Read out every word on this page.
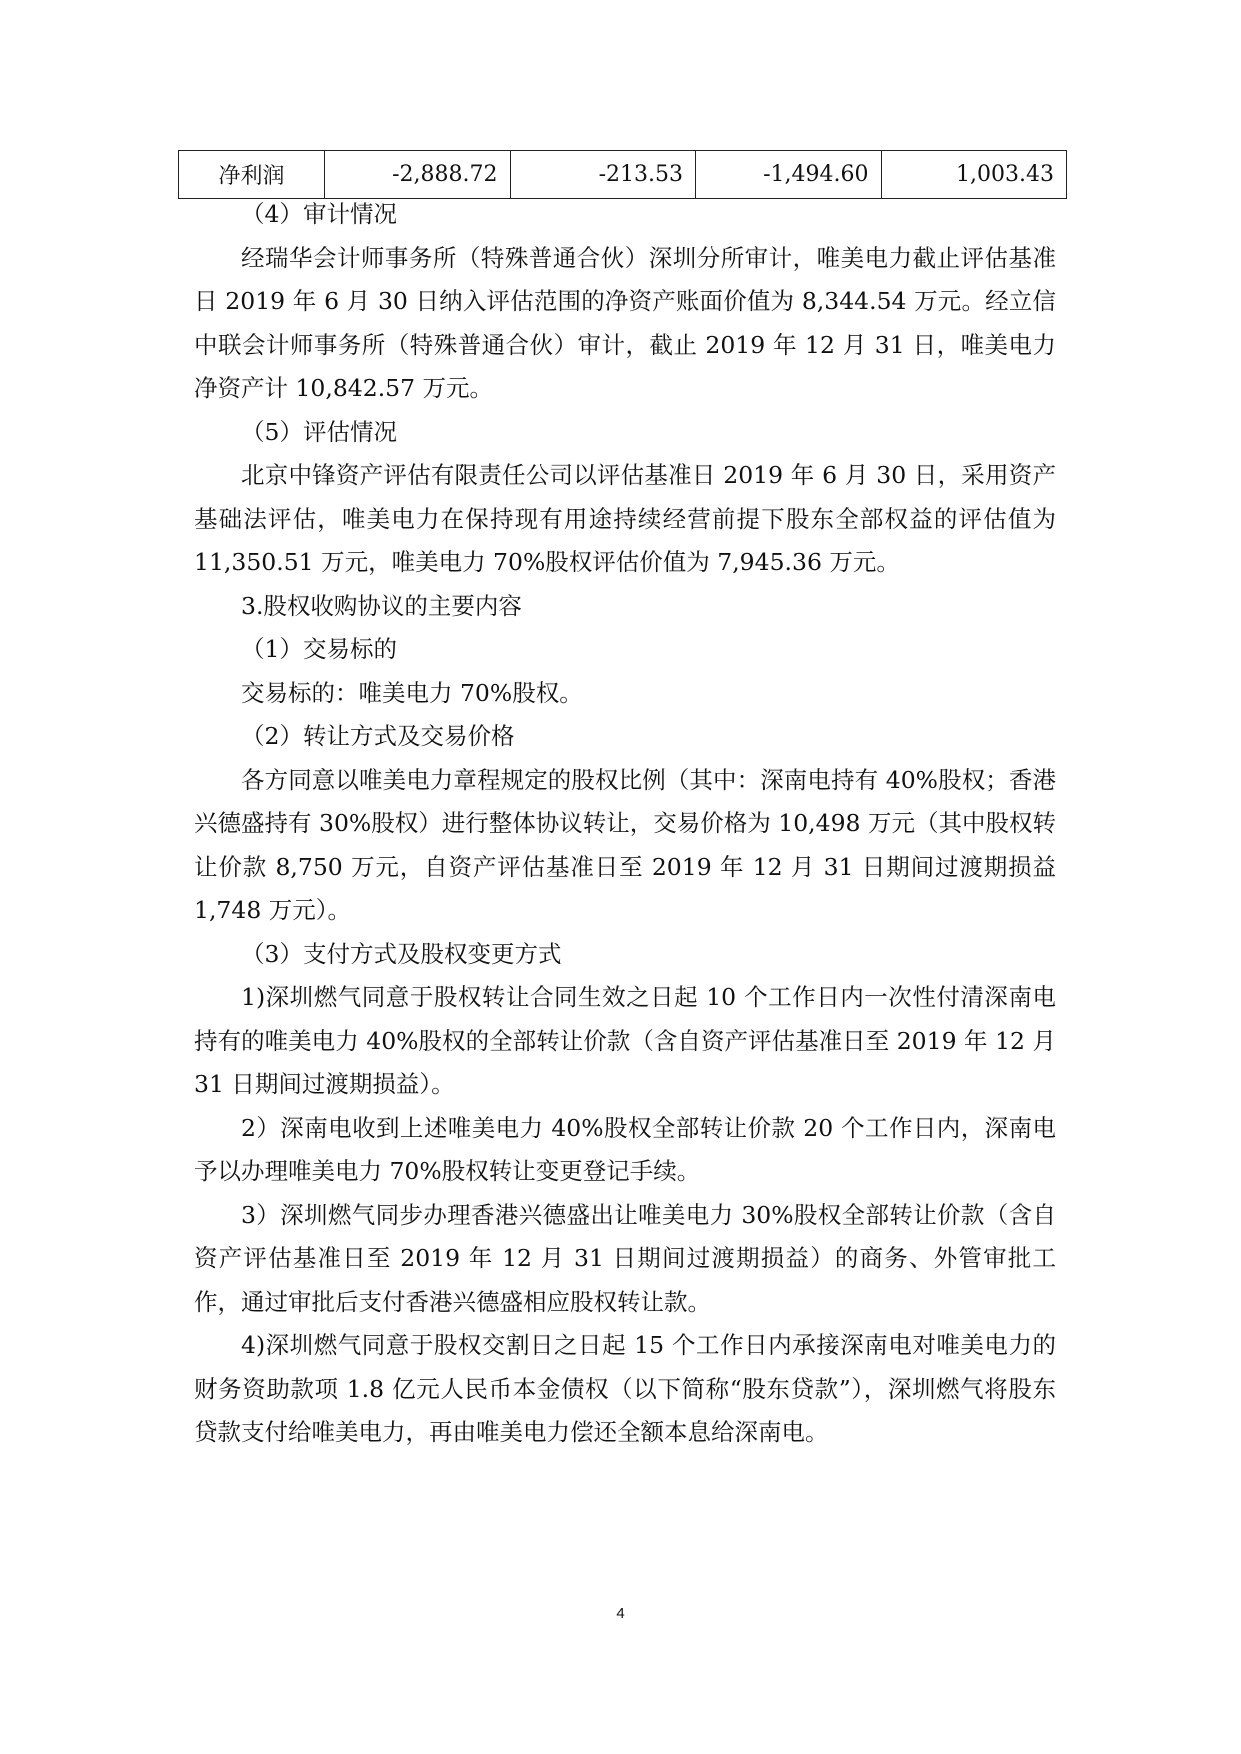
净利润	-2,888.72	-213.53	-1,494.60	1,003.43

（4）审计情况

经瑞华会计师事务所（特殊普通合伙）深圳分所审计，唯美电力截止评估基准日 2019 年 6 月 30 日纳入评估范围的净资产账面价值为 8,344.54 万元。经立信中联会计师事务所（特殊普通合伙）审计，截止 2019 年 12 月 31 日，唯美电力净资产计 10,842.57 万元。

（5）评估情况

北京中锋资产评估有限责任公司以评估基准日 2019 年 6 月 30 日，采用资产基础法评估，唯美电力在保持现有用途持续经营前提下股东全部权益的评估值为 11,350.51 万元，唯美电力 70%股权评估价值为 7,945.36 万元。

3.股权收购协议的主要内容

（1）交易标的

交易标的：唯美电力 70%股权。

（2）转让方式及交易价格

各方同意以唯美电力章程规定的股权比例（其中：深南电持有 40%股权；香港兴德盛持有 30%股权）进行整体协议转让，交易价格为 10,498 万元（其中股权转让价款 8,750 万元，自资产评估基准日至 2019 年 12 月 31 日期间过渡期损益 1,748 万元）。

（3）支付方式及股权变更方式

1)深圳燃气同意于股权转让合同生效之日起 10 个工作日内一次性付清深南电持有的唯美电力 40%股权的全部转让价款（含自资产评估基准日至 2019 年 12 月 31 日期间过渡期损益）。

2）深南电收到上述唯美电力 40%股权全部转让价款 20 个工作日内，深南电予以办理唯美电力 70%股权转让变更登记手续。

3）深圳燃气同步办理香港兴德盛出让唯美电力 30%股权全部转让价款（含自资产评估基准日至 2019 年 12 月 31 日期间过渡期损益）的商务、外管审批工作，通过审批后支付香港兴德盛相应股权转让款。

4)深圳燃气同意于股权交割日之日起 15 个工作日内承接深南电对唯美电力的财务资助款项 1.8 亿元人民币本金债权（以下简称“股东贷款”），深圳燃气将股东贷款支付给唯美电力，再由唯美电力偿还全额本息给深南电。

4
